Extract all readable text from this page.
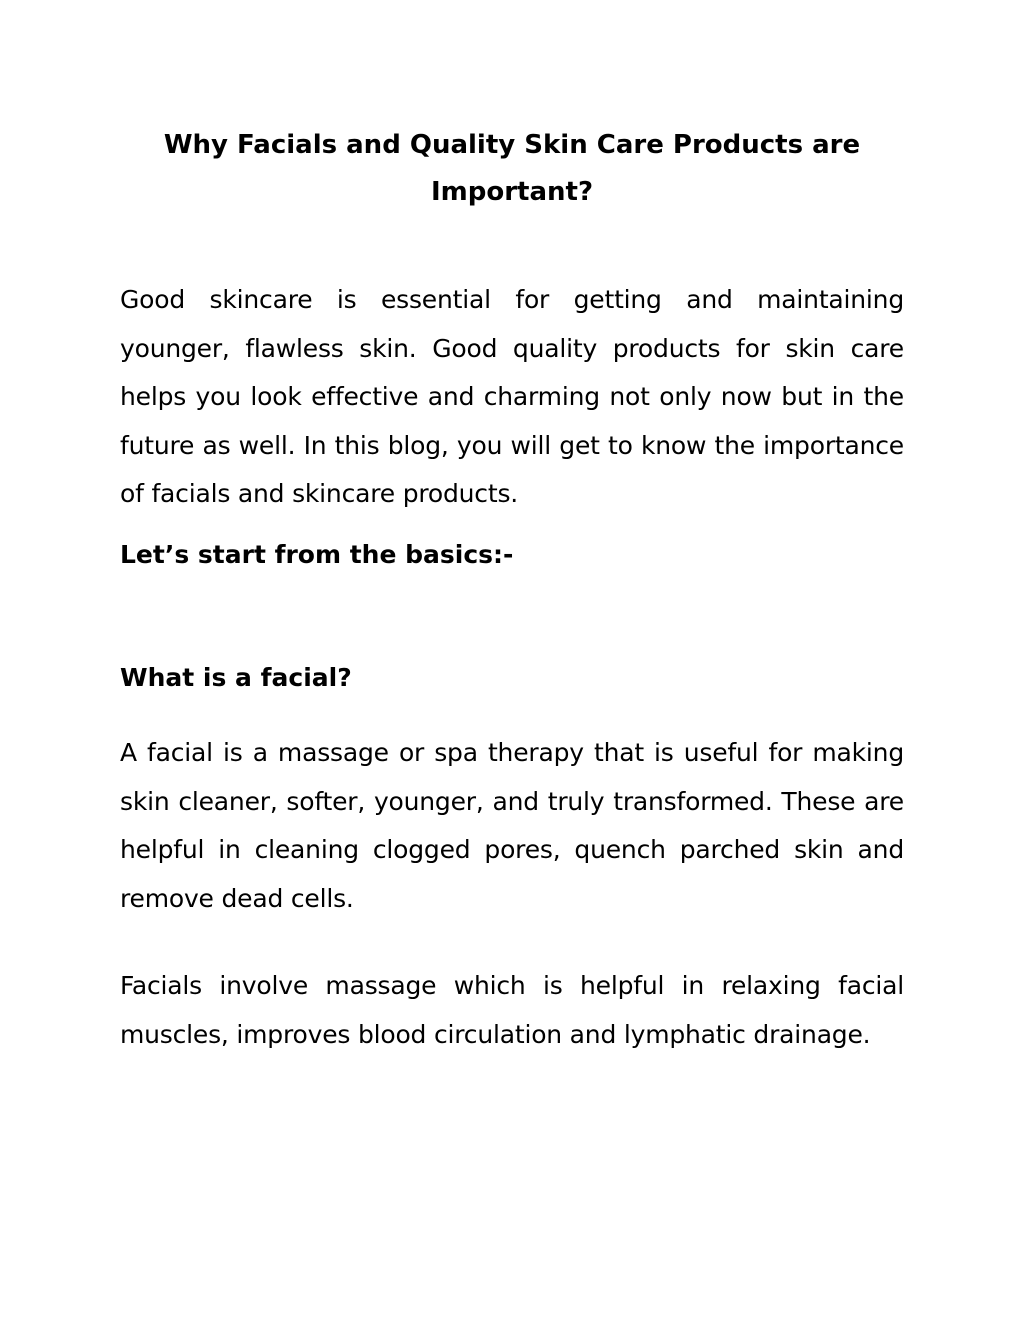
Why Facials and Quality Skin Care Products are Important?

Good skincare is essential for getting and maintaining younger, flawless skin. Good quality products for skin care helps you look effective and charming not only now but in the future as well. In this blog, you will get to know the importance of facials and skincare products.

Let’s start from the basics:-
What is a facial?

A facial is a massage or spa therapy that is useful for making skin cleaner, softer, younger, and truly transformed. These are helpful in cleaning clogged pores, quench parched skin and remove dead cells.

Facials involve massage which is helpful in relaxing facial muscles, improves blood circulation and lymphatic drainage.
